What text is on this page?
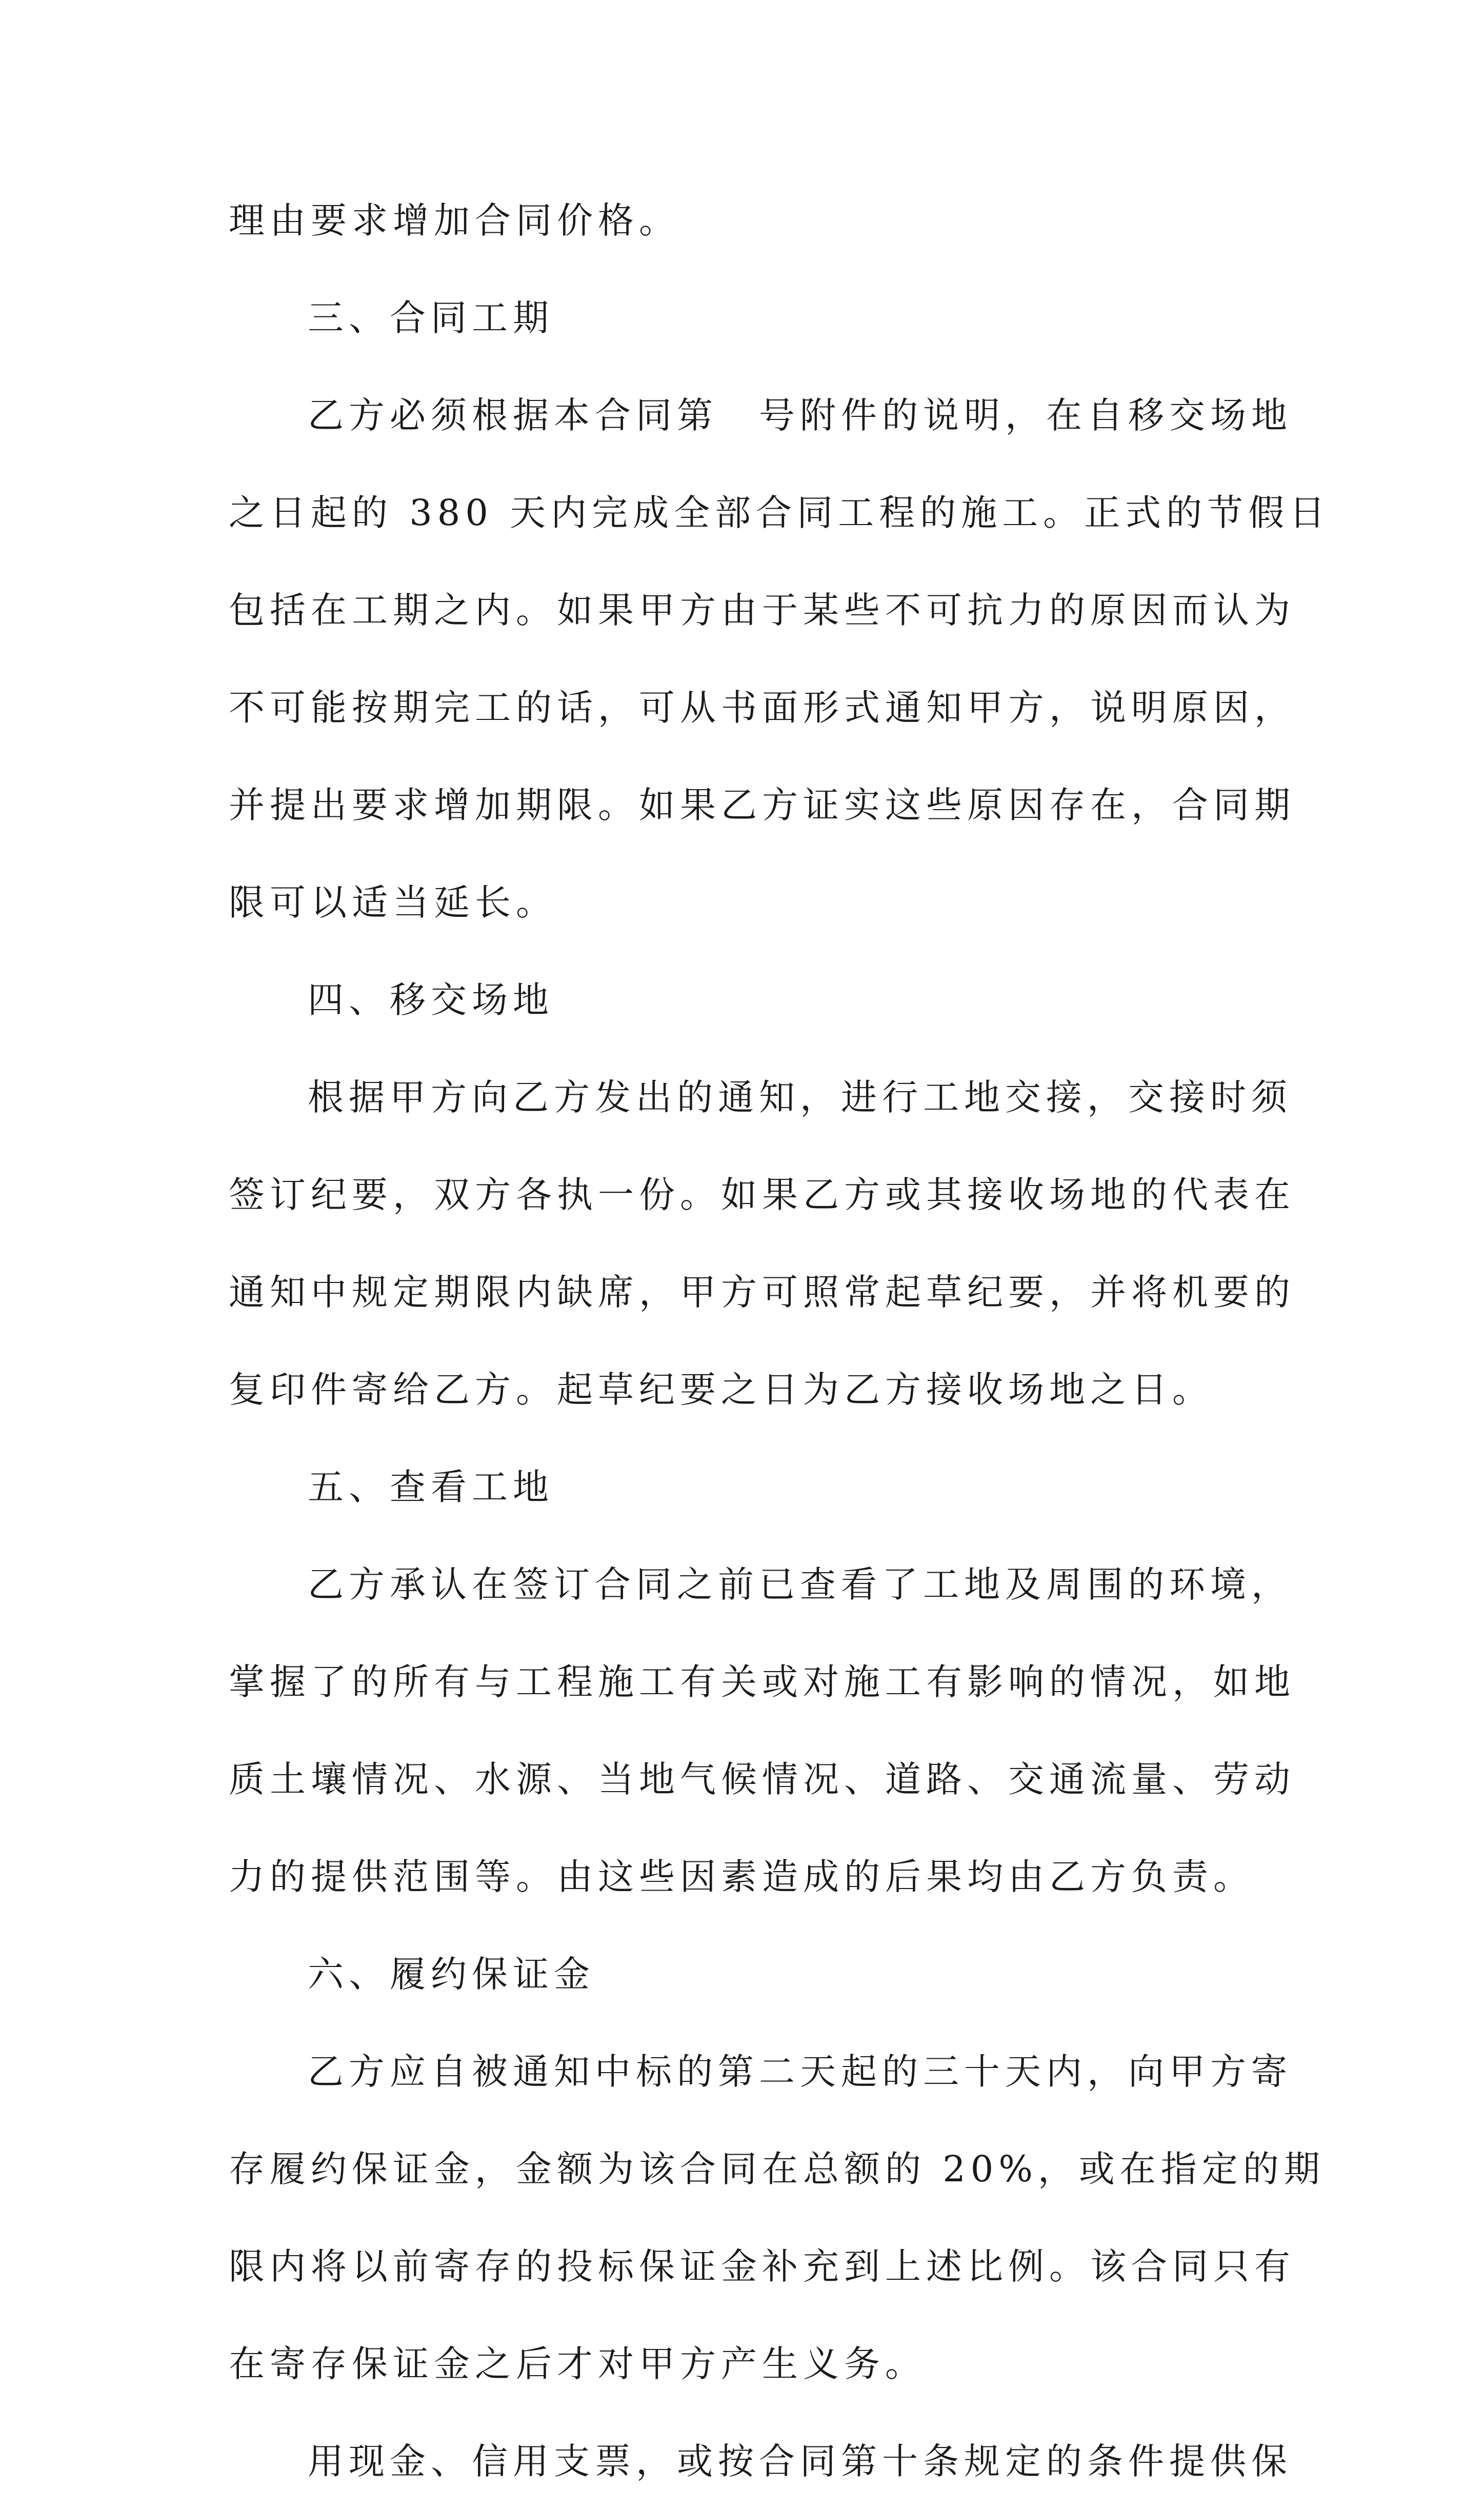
理由要求增加合同价格。
三、合同工期
乙方必须根据本合同第　号附件的说明，在自移交场地
之日起的 380 天内完成全部合同工程的施工。正式的节假日
包括在工期之内。如果甲方由于某些不可抗力的原因而认为
不可能按期完工的话，可从书面形式通知甲方，说明原因，
并提出要求增加期限。如果乙方证实这些原因存在，合同期
限可以适当延长。
四、移交场地
根据甲方向乙方发出的通知，进行工地交接，交接时须
签订纪要，双方各执一份。如果乙方或其接收场地的代表在
通知中规定期限内缺席，甲方可照常起草纪要，并将机要的
复印件寄给乙方。起草纪要之日为乙方接收场地之日。
五、查看工地
乙方承认在签订合同之前已查看了工地及周围的环境，
掌握了的所有与工程施工有关或对施工有影响的情况，如地
质土壤情况、水源、当地气候情况、道路、交通流量、劳动
力的提供范围等。由这些因素造成的后果均由乙方负责。
六、履约保证金
乙方应自被通知中标的第二天起的三十天内，向甲方寄
存履约保证金，金额为该合同在总额的 20%，或在指定的期
限内将以前寄存的投标保证金补充到上述比例。该合同只有
在寄存保证金之后才对甲方产生义务。
用现金、信用支票，或按合同第十条规定的条件提供保
